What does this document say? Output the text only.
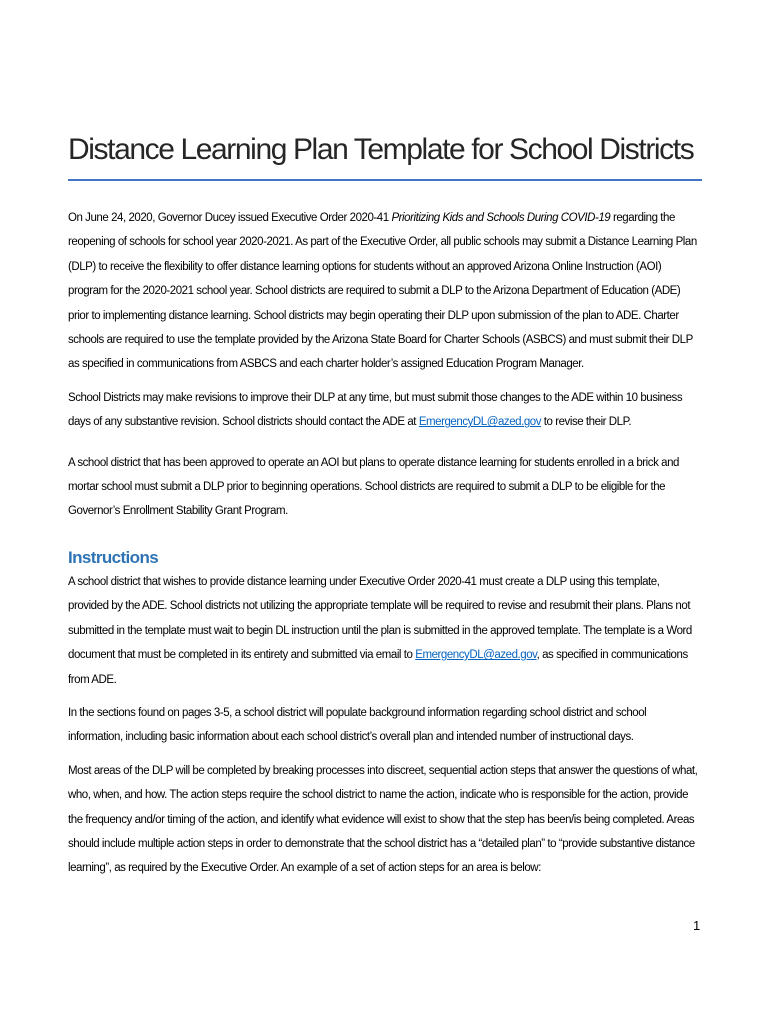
Distance Learning Plan Template for School Districts

On June 24, 2020, Governor Ducey issued Executive Order 2020-41 Prioritizing Kids and Schools During COVID-19 regarding the reopening of schools for school year 2020-2021. As part of the Executive Order, all public schools may submit a Distance Learning Plan (DLP) to receive the flexibility to offer distance learning options for students without an approved Arizona Online Instruction (AOI) program for the 2020-2021 school year. School districts are required to submit a DLP to the Arizona Department of Education (ADE) prior to implementing distance learning. School districts may begin operating their DLP upon submission of the plan to ADE. Charter schools are required to use the template provided by the Arizona State Board for Charter Schools (ASBCS) and must submit their DLP as specified in communications from ASBCS and each charter holder’s assigned Education Program Manager.

School Districts may make revisions to improve their DLP at any time, but must submit those changes to the ADE within 10 business days of any substantive revision. School districts should contact the ADE at EmergencyDL@azed.gov to revise their DLP.

A school district that has been approved to operate an AOI but plans to operate distance learning for students enrolled in a brick and mortar school must submit a DLP prior to beginning operations. School districts are required to submit a DLP to be eligible for the Governor’s Enrollment Stability Grant Program.

Instructions

A school district that wishes to provide distance learning under Executive Order 2020-41 must create a DLP using this template, provided by the ADE. School districts not utilizing the appropriate template will be required to revise and resubmit their plans. Plans not submitted in the template must wait to begin DL instruction until the plan is submitted in the approved template. The template is a Word document that must be completed in its entirety and submitted via email to EmergencyDL@azed.gov, as specified in communications from ADE.

In the sections found on pages 3-5, a school district will populate background information regarding school district and school information, including basic information about each school district’s overall plan and intended number of instructional days.

Most areas of the DLP will be completed by breaking processes into discreet, sequential action steps that answer the questions of what, who, when, and how. The action steps require the school district to name the action, indicate who is responsible for the action, provide the frequency and/or timing of the action, and identify what evidence will exist to show that the step has been/is being completed. Areas should include multiple action steps in order to demonstrate that the school district has a “detailed plan” to “provide substantive distance learning”, as required by the Executive Order. An example of a set of action steps for an area is below:

1
